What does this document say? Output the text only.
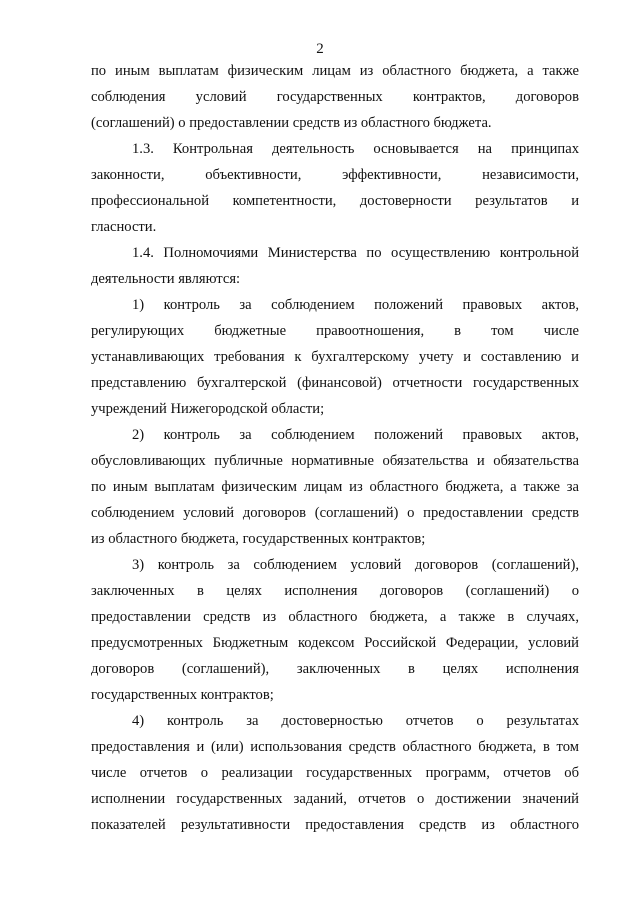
2
по иным выплатам физическим лицам из областного бюджета, а также
соблюдения условий государственных контрактов, договоров
(соглашений) о предоставлении средств из областного бюджета.
1.3. Контрольная деятельность основывается на принципах
законности, объективности, эффективности, независимости,
профессиональной компетентности, достоверности результатов и
гласности.
1.4. Полномочиями Министерства по осуществлению контрольной
деятельности являются:
1) контроль за соблюдением положений правовых актов,
регулирующих бюджетные правоотношения, в том числе
устанавливающих требования к бухгалтерскому учету и составлению и
представлению бухгалтерской (финансовой) отчетности государственных
учреждений Нижегородской области;
2) контроль за соблюдением положений правовых актов,
обусловливающих публичные нормативные обязательства и обязательства
по иным выплатам физическим лицам из областного бюджета, а также за
соблюдением условий договоров (соглашений) о предоставлении средств
из областного бюджета, государственных контрактов;
3) контроль за соблюдением условий договоров (соглашений),
заключенных в целях исполнения договоров (соглашений) о
предоставлении средств из областного бюджета, а также в случаях,
предусмотренных Бюджетным кодексом Российской Федерации, условий
договоров (соглашений), заключенных в целях исполнения
государственных контрактов;
4) контроль за достоверностью отчетов о результатах
предоставления и (или) использования средств областного бюджета, в том
числе отчетов о реализации государственных программ, отчетов об
исполнении государственных заданий, отчетов о достижении значений
показателей результативности предоставления средств из областного
